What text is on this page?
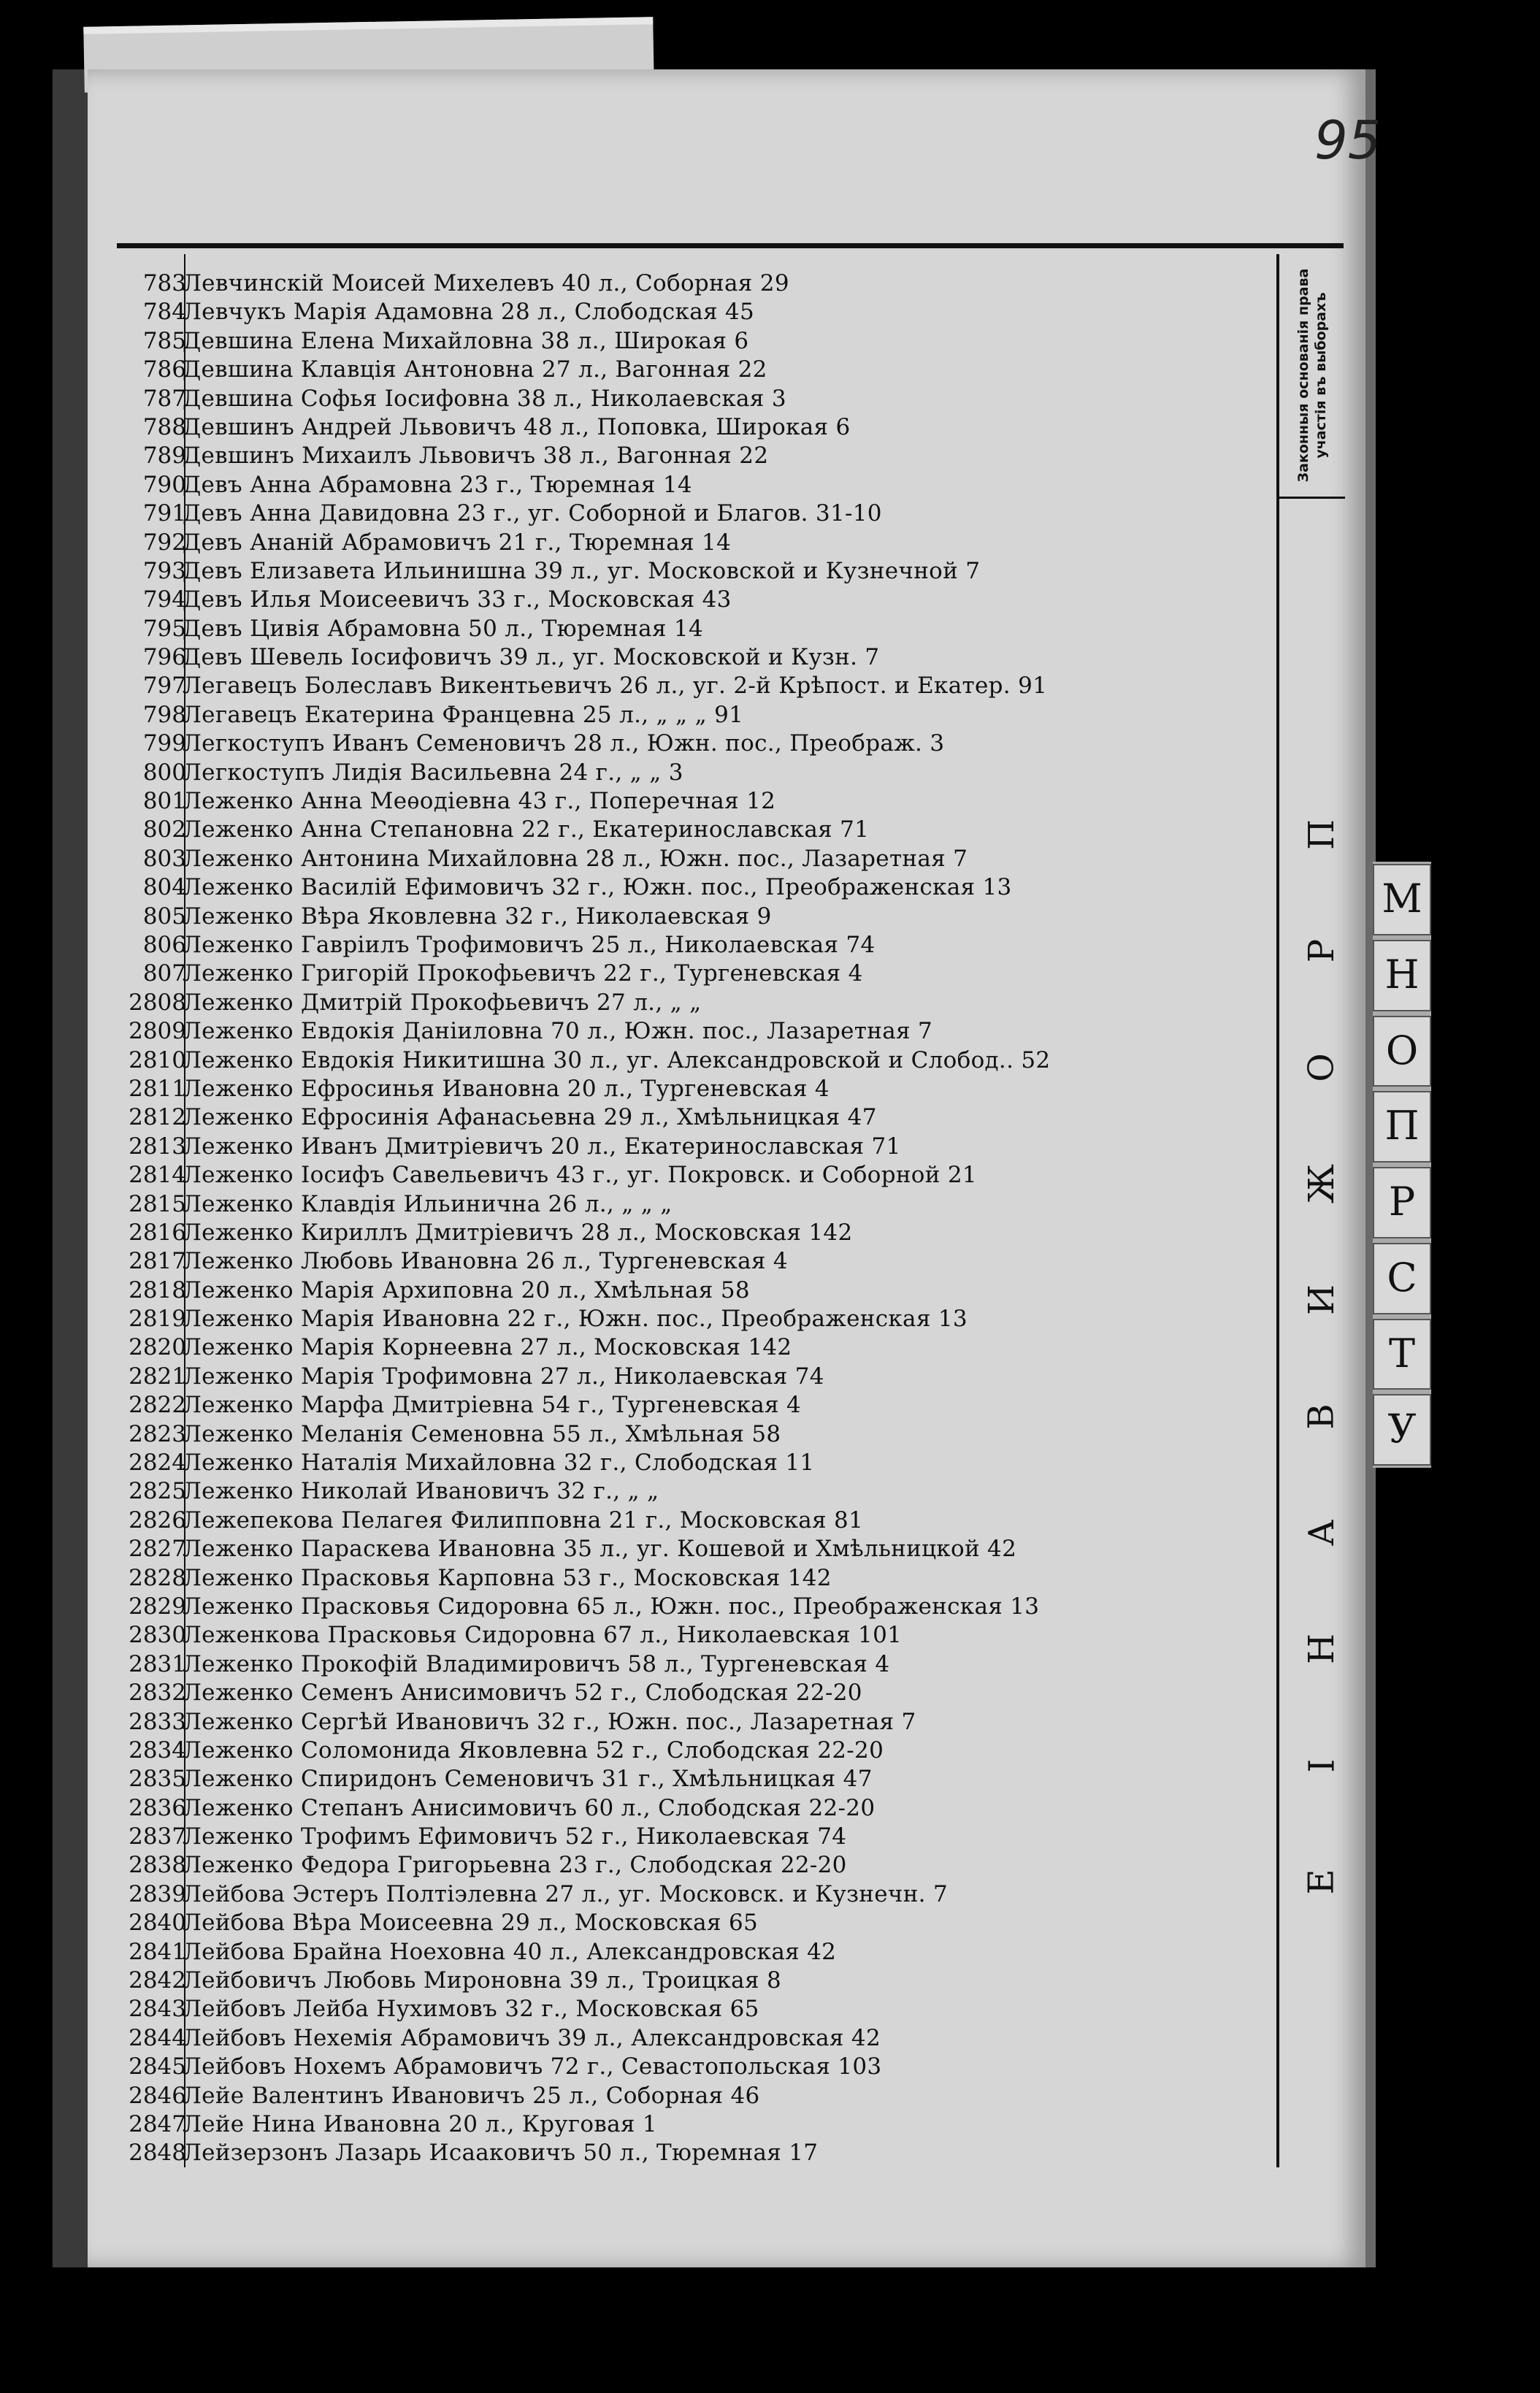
95
Законныя основанія права участія въ выборахъ
П
Р
О
Ж
И
В
А
Н
І
Е
М
Н
О
П
Р
С
Т
У
783
Левчинскій Моисей Михелевъ 40 л., Соборная 29
784
Левчукъ Марія Адамовна 28 л., Слободская 45
785
Девшина Елена Михайловна 38 л., Широкая 6
786
Девшина Клавція Антоновна 27 л., Вагонная 22
787
Девшина Софья Іосифовна 38 л., Николаевская 3
788
Девшинъ Андрей Львовичъ 48 л., Поповка, Широкая 6
789
Девшинъ Михаилъ Львовичъ 38 л., Вагонная 22
790
Девъ Анна Абрамовна 23 г., Тюремная 14
791
Девъ Анна Давидовна 23 г., уг. Соборной и Благов. 31-10
792
Девъ Ананій Абрамовичъ 21 г., Тюремная 14
793
Девъ Елизавета Ильинишна 39 л., уг. Московской и Кузнечной 7
794
Девъ Илья Моисеевичъ 33 г., Московская 43
795
Девъ Цивія Абрамовна 50 л., Тюремная 14
796
Девъ Шевель Іосифовичъ 39 л., уг. Московской и Кузн. 7
797
Легавецъ Болеславъ Викентьевичъ 26 л., уг. 2-й Крѣпост. и Екатер. 91
798
Легавецъ Екатерина Францевна 25 л., „ „ „ 91
799
Легкоступъ Иванъ Семеновичъ 28 л., Южн. пос., Преображ. 3
800
Легкоступъ Лидія Васильевна 24 г., „ „ 3
801
Леженко Анна Меѳодіевна 43 г., Поперечная 12
802
Леженко Анна Степановна 22 г., Екатеринославская 71
803
Леженко Антонина Михайловна 28 л., Южн. пос., Лазаретная 7
804
Леженко Василій Ефимовичъ 32 г., Южн. пос., Преображенская 13
805
Леженко Вѣра Яковлевна 32 г., Николаевская 9
806
Леженко Гавріилъ Трофимовичъ 25 л., Николаевская 74
807
Леженко Григорій Прокофьевичъ 22 г., Тургеневская 4
2808
Леженко Дмитрій Прокофьевичъ 27 л., „ „
2809
Леженко Евдокія Даніиловна 70 л., Южн. пос., Лазаретная 7
2810
Леженко Евдокія Никитишна 30 л., уг. Александровской и Слобод.. 52
2811
Леженко Ефросинья Ивановна 20 л., Тургеневская 4
2812
Леженко Ефросинія Афанасьевна 29 л., Хмѣльницкая 47
2813
Леженко Иванъ Дмитріевичъ 20 л., Екатеринославская 71
2814
Леженко Іосифъ Савельевичъ 43 г., уг. Покровск. и Соборной 21
2815
Леженко Клавдія Ильинична 26 л., „ „ „
2816
Леженко Кириллъ Дмитріевичъ 28 л., Московская 142
2817
Леженко Любовь Ивановна 26 л., Тургеневская 4
2818
Леженко Марія Архиповна 20 л., Хмѣльная 58
2819
Леженко Марія Ивановна 22 г., Южн. пос., Преображенская 13
2820
Леженко Марія Корнеевна 27 л., Московская 142
2821
Леженко Марія Трофимовна 27 л., Николаевская 74
2822
Леженко Марфа Дмитріевна 54 г., Тургеневская 4
2823
Леженко Меланія Семеновна 55 л., Хмѣльная 58
2824
Леженко Наталія Михайловна 32 г., Слободская 11
2825
Леженко Николай Ивановичъ 32 г., „ „
2826
Лежепекова Пелагея Филипповна 21 г., Московская 81
2827
Леженко Параскева Ивановна 35 л., уг. Кошевой и Хмѣльницкой 42
2828
Леженко Прасковья Карповна 53 г., Московская 142
2829
Леженко Прасковья Сидоровна 65 л., Южн. пос., Преображенская 13
2830
Леженкова Прасковья Сидоровна 67 л., Николаевская 101
2831
Леженко Прокофій Владимировичъ 58 л., Тургеневская 4
2832
Леженко Семенъ Анисимовичъ 52 г., Слободская 22-20
2833
Леженко Сергѣй Ивановичъ 32 г., Южн. пос., Лазаретная 7
2834
Леженко Соломонида Яковлевна 52 г., Слободская 22-20
2835
Леженко Спиридонъ Семеновичъ 31 г., Хмѣльницкая 47
2836
Леженко Степанъ Анисимовичъ 60 л., Слободская 22-20
2837
Леженко Трофимъ Ефимовичъ 52 г., Николаевская 74
2838
Леженко Федора Григорьевна 23 г., Слободская 22-20
2839
Лейбова Эстеръ Полтіэлевна 27 л., уг. Московск. и Кузнечн. 7
2840
Лейбова Вѣра Моисеевна 29 л., Московская 65
2841
Лейбова Брайна Ноеховна 40 л., Александровская 42
2842
Лейбовичъ Любовь Мироновна 39 л., Троицкая 8
2843
Лейбовъ Лейба Нухимовъ 32 г., Московская 65
2844
Лейбовъ Нехемія Абрамовичъ 39 л., Александровская 42
2845
Лейбовъ Нохемъ Абрамовичъ 72 г., Севастопольская 103
2846
Лейе Валентинъ Ивановичъ 25 л., Соборная 46
2847
Лейе Нина Ивановна 20 л., Круговая 1
2848
Лейзерзонъ Лазарь Исааковичъ 50 л., Тюремная 17
